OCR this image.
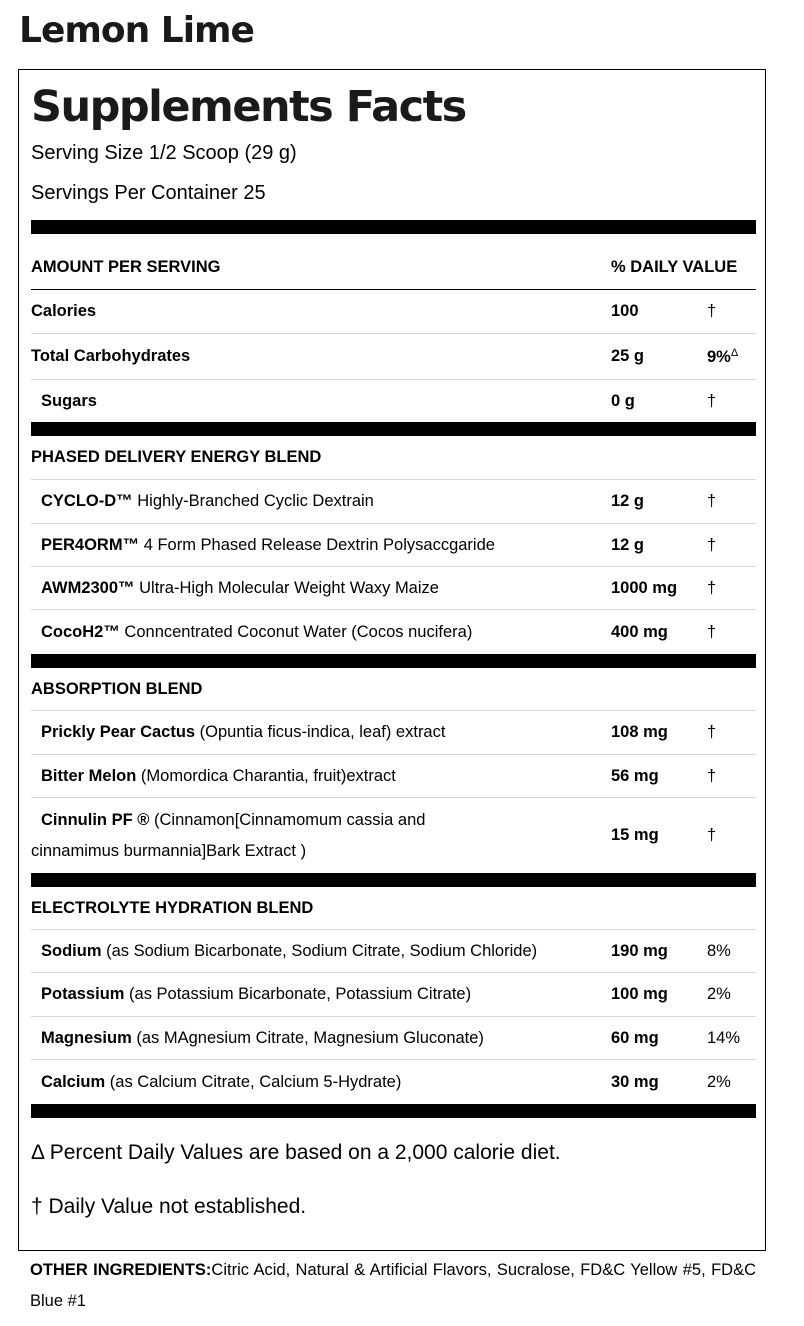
Lemon Lime
Supplements Facts
Serving Size 1/2 Scoop (29 g)
Servings Per Container 25
AMOUNT PER SERVING	% DAILY VALUE
Calories	100	†
Total Carbohydrates	25 g	9%$^\Delta$
Sugars	0 g	†
PHASED DELIVERY ENERGY BLEND
CYCLO-D™ Highly-Branched Cyclic Dextrain	12 g	†
PER4ORM™ 4 Form Phased Release Dextrin Polysaccgaride	12 g	†
AWM2300™ Ultra-High Molecular Weight Waxy Maize	1000 mg †
CocoH2™ Conncentrated Coconut Water (Cocos nucifera)	400 mg †
ABSORPTION BLEND
Prickly Pear Cactus (Opuntia ficus-indica, leaf) extract	108 mg †
Bitter Melon (Momordica Charantia, fruit)extract	56 mg	†
Cinnulin PF ® (Cinnamon[Cinnamomum cassia and
cinnamimus burmannia]Bark Extract )
15 mg	†
ELECTROLYTE HYDRATION BLEND
Sodium (as Sodium Bicarbonate, Sodium Citrate, Sodium Chloride)	190 mg 8%
Potassium (as Potassium Bicarbonate, Potassium Citrate)	100 mg 2%
Magnesium (as MAgnesium Citrate, Magnesium Gluconate)	60 mg	14%
Calcium (as Calcium Citrate, Calcium 5-Hydrate)	30 mg	2%
Δ Percent Daily Values are based on a 2,000 calorie diet.
† Daily Value not established.
OTHER INGREDIENTS:Citric Acid, Natural & Artificial Flavors, Sucralose, FD&C Yellow #5, FD&C Blue #1
